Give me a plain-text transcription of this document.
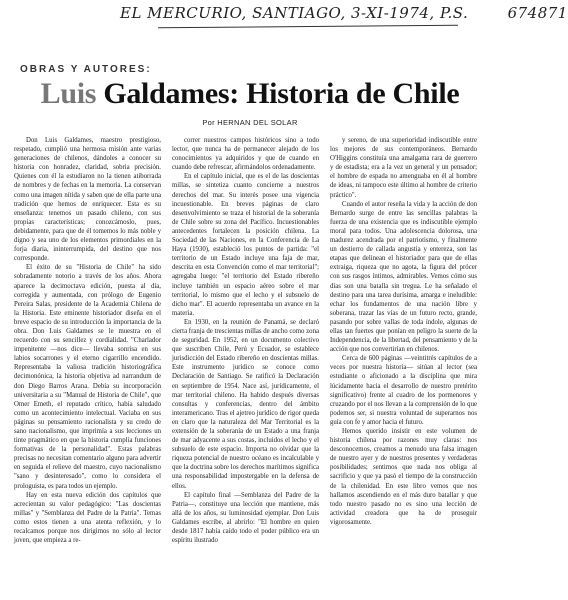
EL MERCURIO, SANTIAGO, 3-XI-1974, P.S.	674871
OBRAS Y AUTORES:
Luis Galdames: Historia de Chile
Por HERNAN DEL SOLAR

Don Luis Galdames, maestro prestigioso, respetado, cumplió una hermosa misión ante varias generaciones de chilenos, dándoles a conocer su historia con honradez, claridad, sobria precisión. Quienes con él la estudiaron no la tienen atiborrada de nombres y de fechas en la memoria. La conservan como una imagen nítida y saben que de ella parte una tradición que hemos de enriquecer. Esta es su enseñanza: tenemos un pasado chileno, con sus propias características; conozcámoslo, pues, debidamente, para que de él tomemos lo más noble y digno y sea uno de los elementos primordiales en la forja diaria, ininterrumpida, del destino que nos corresponde.

El éxito de su "Historia de Chile" ha sido sobradamente notorio a través de los años. Ahora aparece la decimoctava edición, puesta al día, corregida y aumentada, con prólogo de Eugenio Pereira Salas, presidente de la Academia Chilena de la Historia. Este eminente historiador diseña en el breve espacio de su introducción la importancia de la obra. Don Luis Galdames se le muestra en el recuerdo con su sencillez y cordialidad. "Charlador impenitente —nos dice— llevaba sonrisa en sus labios socarrones y el eterno cigarrillo encendido. Representaba la valiosa tradición historiográfica decimonónica, la historia objetiva ad narrandum de don Diego Barros Arana. Debía su incorporación universitaria a su "Manual de Historia de Chile", que Omer Emeth, el reputado crítico, había saludado como un acontecimiento intelectual. Vaciaba en sus páginas su pensamiento racionalista y su credo de sano nacionalismo, que imprimía a sus lecciones un tinte pragmático en que la historia cumplía funciones formativas de la personalidad". Estas palabras precisas no necesitan comentario alguno para advertir en seguida el relieve del maestro, cuyo nacionalismo "sano y desinteresado", como lo considera el prologuista, es para todos un ejemplo.

Hay en esta nueva edición dos capítulos que acrecientan su valor pedagógico: "Las doscientas millas" y "Semblanza del Padre de la Patria". Temas como estos tienen a una atenta reflexión, y lo recalcamos porque nos dirigimos no sólo al lector joven, que empieza a re-

correr nuestros campos históricos sino a todo lector, que nunca ha de permanecer alejado de los conocimientos ya adquiridos y que de cuando en cuando debe refrescar, afirmándolos ordenadamente.

En el capítulo inicial, que es el de las doscientas millas, se sintetiza cuanto concierne a nuestros derechos del mar. Su interés posee una vigencia incuestionable. En breves páginas de claro desenvolvimiento se traza el historial de la soberanía de Chile sobre su zona del Pacífico. Incuestionables antecedentes fortalecen la posición chilena. La Sociedad de las Naciones, en la Conferencia de La Haya (1930), estableció los puntos de partida: "el territorio de un Estado incluye una faja de mar, descrita en esta Convención como el mar territorial"; agregaba luego: "el territorio del Estado ribereño incluye también un espacio aéreo sobre el mar territorial, lo mismo que el lecho y el subsuelo de dicho mar". El acuerdo representaba un avance en la materia.

En 1930, en la reunión de Panamá, se declaró cierta franja de trescientas millas de ancho como zona de seguridad. En 1952, en un documento colectivo que suscriben Chile, Perú y Ecuador, se establece jurisdicción del Estado ribereño en doscientas millas. Este instrumento jurídico se conoce como Declaración de Santiago. Se ratificó la Declaración en septiembre de 1954. Nace así, jurídicamente, el mar territorial chileno. Ha habido después diversas consultas y conferencias, dentro del ámbito interamericano. Tras el ajetreo jurídico de rigor queda en claro que la naturaleza del Mar Territorial es la extensión de la soberanía de un Estado a una franja de mar adyacente a sus costas, incluidos el lecho y el subsuelo de este espacio. Importa no olvidar que la riqueza potencial de nuestro océano es incalculable y que la doctrina sobre los derechos marítimos significa una responsabilidad impostergable en la defensa de ellos.

El capítulo final —Semblanza del Padre de la Patria—, constituye una lección que mantiene, más allá de los años, su luminosidad ejemplar. Don Luis Galdames escribe, al abrirlo: "El hombre en quien desde 1817 había caído todo el poder público era un espíritu ilustrado

y sereno, de una superioridad indiscutible entre los mejores de sus contemporáneos. Bernardo O'Higgins constituía una amalgama rara de guerrero y de estadista; era a la vez un general y un pensador; el hombre de espada no amenguaba en él al hombre de ideas, ni tampoco este último al hombre de criterio práctico".

Cuando el autor reseña la vida y la acción de don Bernardo surge de entre las sencillas palabras la fuerza de una existencia que es indiscutible ejemplo moral para todos. Una adolescencia dolorosa, una madurez acendrada por el patriotismo, y finalmente un destierro de callada angustia y entereza, son las etapas que delinean el historiador para que de ellas extraiga, riqueza que no agota, la figura del prócer con sus rasgos íntimos, admirables. Vemos cómo sus días son una batalla sin tregua. Le ha señalado el destino para una tarea durísima, amarga e ineludible: echar los fundamentos de una nación libre y soberana, trazar las vías de un futuro recto, grande, pasando por sobre vallas de toda índole, algunas de ellas tan fuertes que ponían en peligro la suerte de la Independencia, de la libertad, del pensamiento y de la acción que nos convertirían en chilenos.

Cerca de 600 páginas —veintitrés capítulos de a veces por nuestra historia— sitúan al lector (sea estudiante o aficionado a la disciplina que mira lúcidamente hacia el desarrollo de nuestro pretérito significativo) frente al cuadro de los pormenores y cruzando por el nos llevan a la comprensión de lo que podemos ser, si nuestra voluntad de superarnos nos guía con fe y amor hacia el futuro.

Hemos querido insistir en este volumen de historia chilena por razones muy claras: nos desconocemos, creamos a menudo una falsa imagen de nuestro ayer y de nuestros presentes y verdaderas posibilidades; sentimos que nada nos obliga al sacrificio y que ya pasó el tiempo de la construcción de la chilenidad. En este libro vemos que nos hallamos ascendiendo en el más duro batallar y que todo nuestro pasado no es sino una lección de actividad creadora que ha de proseguir vigorosamente.
